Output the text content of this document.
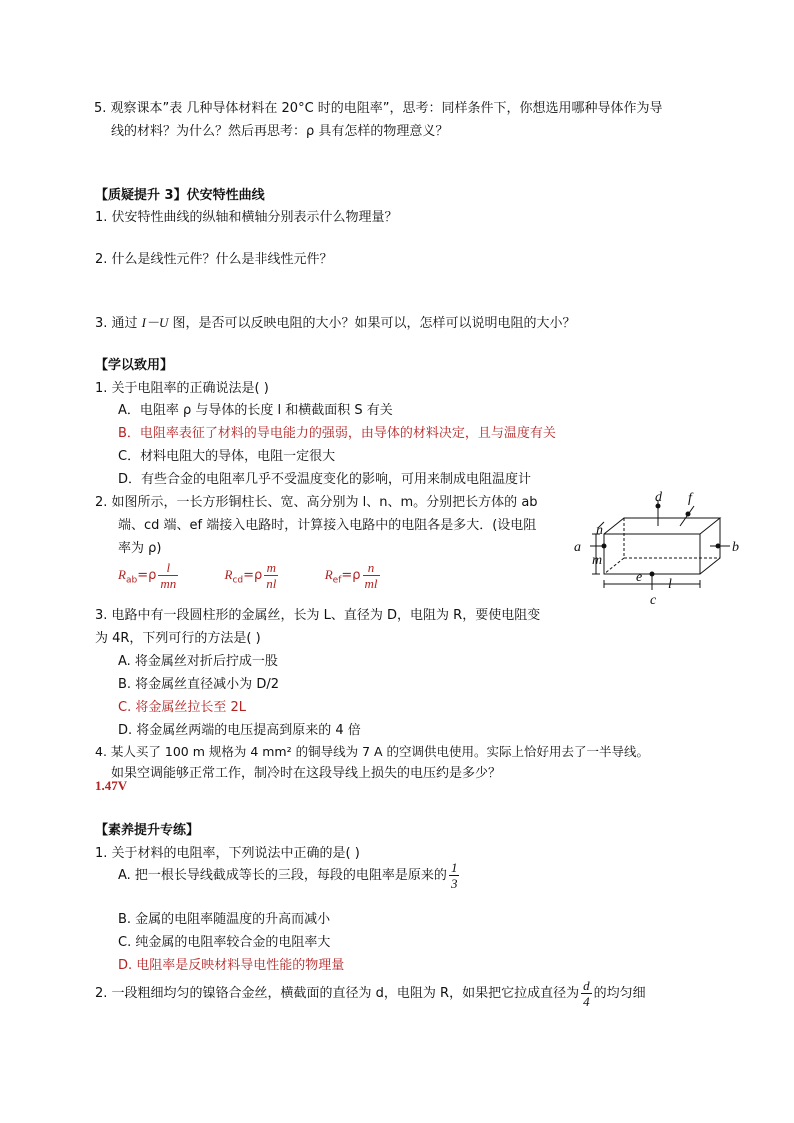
5. 观察课本”表 几种导体材料在 20°C 时的电阻率”，思考：同样条件下，你想选用哪种导体作为导
线的材料？为什么？然后再思考：ρ 具有怎样的物理意义？
【质疑提升 3】伏安特性曲线
1. 伏安特性曲线的纵轴和横轴分别表示什么物理量？
2. 什么是线性元件？什么是非线性元件？
3. 通过 I－U 图，是否可以反映电阻的大小？如果可以，怎样可以说明电阻的大小？
【学以致用】
1. 关于电阻率的正确说法是( )
A．电阻率 ρ 与导体的长度 l 和横截面积 S 有关
B．电阻率表征了材料的导电能力的强弱，由导体的材料决定，且与温度有关
C．材料电阻大的导体，电阻一定很大
D．有些合金的电阻率几乎不受温度变化的影响，可用来制成电阻温度计
2. 如图所示，一长方形铜柱长、宽、高分别为 l、n、m。分别把长方体的 ab
端、cd 端、ef 端接入电路时，计算接入电路中的电阻各是多大．(设电阻
率为 ρ)
$R_{ab}=\rho \frac{l}{mn}$	$R_{cd}=\rho \frac{m}{nl}$	$R_{ef}=\rho \frac{n}{ml}$
d f
a	b
c
e l
m
n
3. 电路中有一段圆柱形的金属丝，长为 L、直径为 D，电阻为 R，要使电阻变
为 4R，下列可行的方法是( )
A. 将金属丝对折后拧成一股
B. 将金属丝直径减小为 D/2
C. 将金属丝拉长至 2L
D. 将金属丝两端的电压提高到原来的 4 倍
4. 某人买了 100 m 规格为 4 mm² 的铜导线为 7 A 的空调供电使用。实际上恰好用去了一半导线。
如果空调能够正常工作，制冷时在这段导线上损失的电压约是多少？
1.47V
【素养提升专练】
1. 关于材料的电阻率，下列说法中正确的是( )
A. 把一根长导线截成等长的三段，每段的电阻率是原来的 $\frac{1}{3}$
B. 金属的电阻率随温度的升高而减小
C. 纯金属的电阻率较合金的电阻率大
D. 电阻率是反映材料导电性能的物理量
2. 一段粗细均匀的镍铬合金丝，横截面的直径为 d，电阻为 R，如果把它拉成直径为 $\frac{d}{4}$ 的均匀细
